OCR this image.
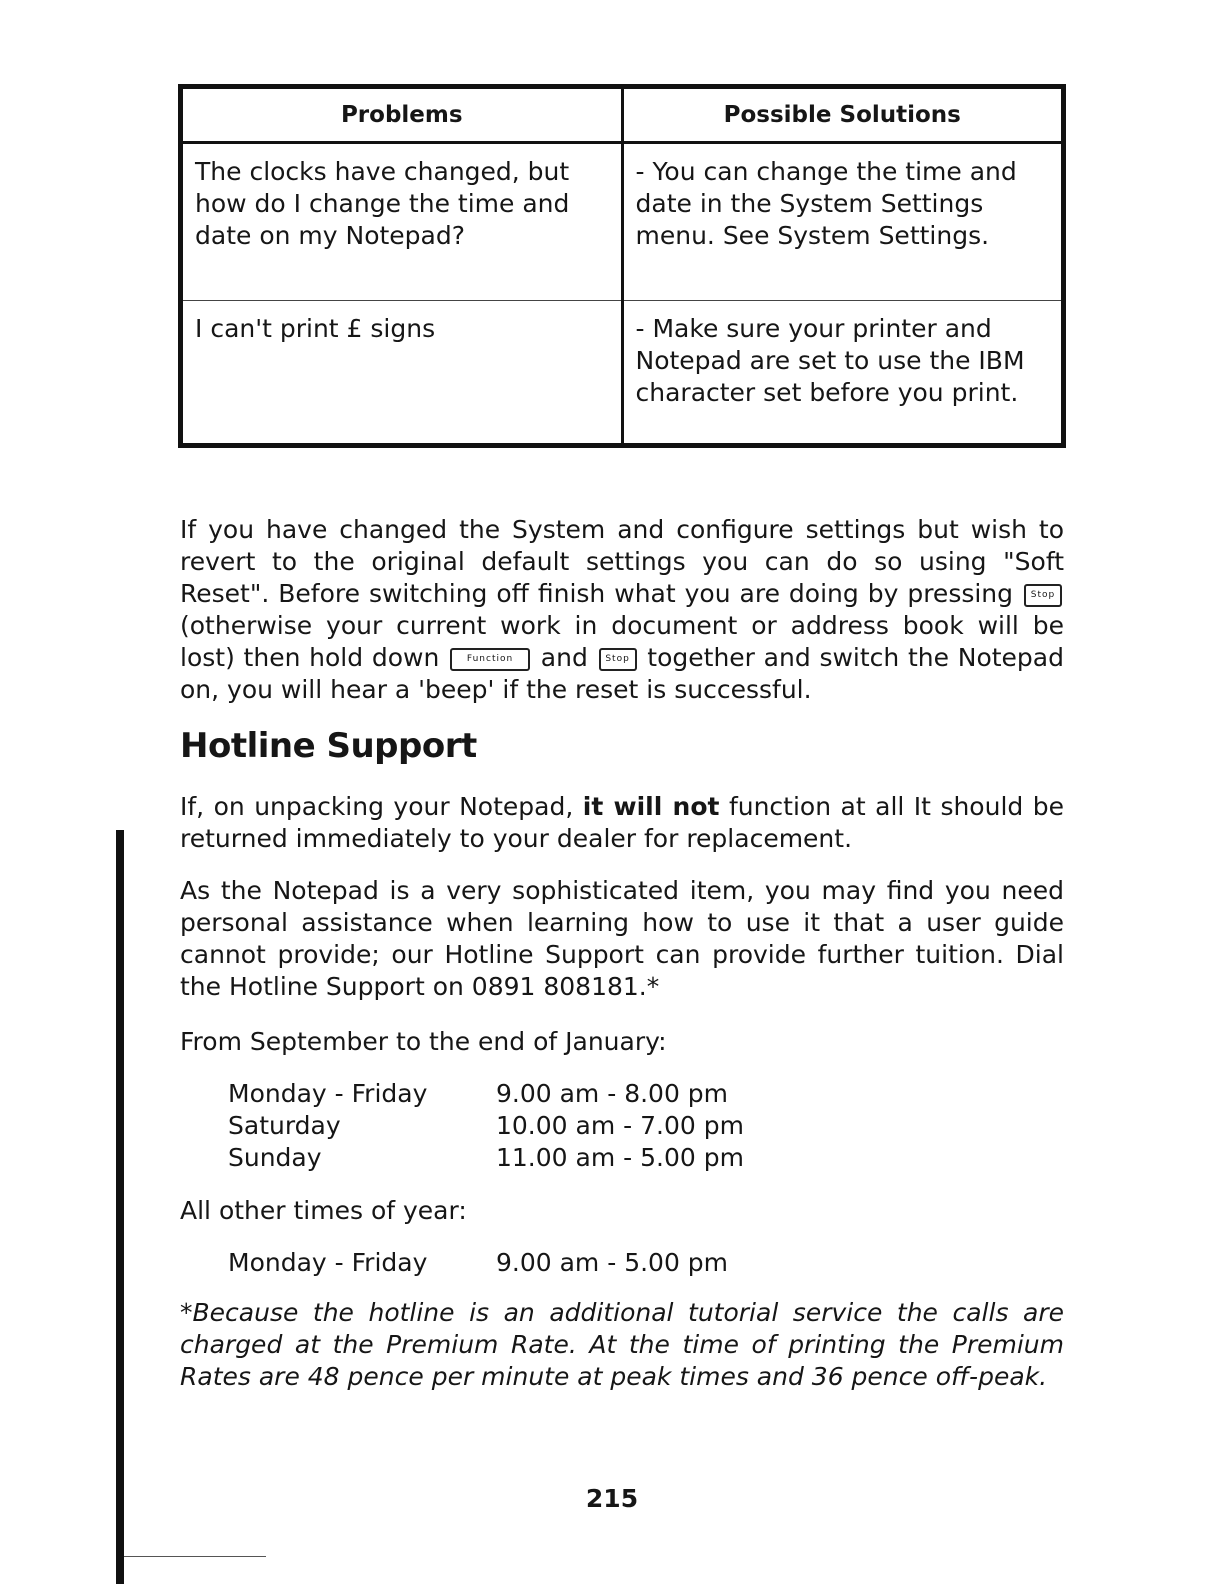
Problems	Possible Solutions
The clocks have changed, but how do I change the time and date on my Notepad?	- You can change the time and date in the System Settings menu. See System Settings.
I can't print £ signs	- Make sure your printer and Notepad are set to use the IBM character set before you print.

If you have changed the System and configure settings but wish to revert to the original default settings you can do so using "Soft Reset". Before switching off finish what you are doing by pressing Stop (otherwise your current work in document or address book will be lost) then hold down	Function and Stop together and switch the Notepad on, you will hear a 'beep' if the reset is successful.

Hotline Support

If, on unpacking your Notepad, it will not function at all It should be returned immediately to your dealer for replacement.

As the Notepad is a very sophisticated item, you may find you need personal assistance when learning how to use it that a user guide cannot provide; our Hotline Support can provide further tuition. Dial the Hotline Support on 0891 808181.*

From September to the end of January:

Monday - Friday	9.00 am - 8.00 pm
Saturday	10.00 am - 7.00 pm
Sunday	11.00 am - 5.00 pm

All other times of year:

Monday - Friday	9.00 am - 5.00 pm

*Because the hotline is an additional tutorial service the calls are charged at the Premium Rate. At the time of printing the Premium Rates are 48 pence per minute at peak times and 36 pence off-peak.

215
